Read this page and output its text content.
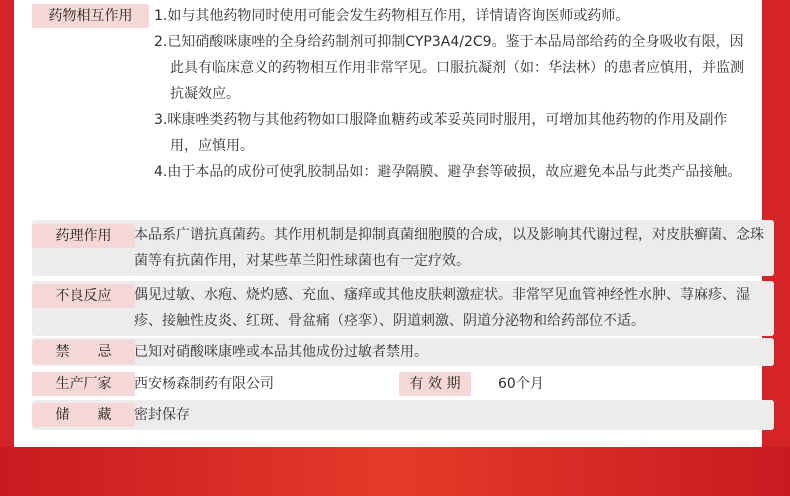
药物相互作用	1.如与其他药物同时使用可能会发生药物相互作用，详情请咨询医师或药师。
2.已知硝酸咪康唑的全身给药制剂可抑制CYP3A4/2C9。鉴于本品局部给药的全身吸收有限，因此具有临床意义的药物相互作用非常罕见。口服抗凝剂（如：华法林）的患者应慎用，并监测抗凝效应。
3.咪康唑类药物与其他药物如口服降血糖药或苯妥英同时服用，可增加其他药物的作用及副作用，应慎用。
4.由于本品的成份可使乳胶制品如：避孕隔膜、避孕套等破损，故应避免本品与此类产品接触。
药理作用	本品系广谱抗真菌药。其作用机制是抑制真菌细胞膜的合成，以及影响其代谢过程，对皮肤癣菌、念珠菌等有抗菌作用，对某些革兰阳性球菌也有一定疗效。
不良反应	偶见过敏、水疱、烧灼感、充血、瘙痒或其他皮肤刺激症状。非常罕见血管神经性水肿、荨麻疹、湿疹、接触性皮炎、红斑、骨盆痛（痉挛）、阴道刺激、阴道分泌物和给药部位不适。
禁　　忌	已知对硝酸咪康唑或本品其他成份过敏者禁用。
生产厂家	西安杨森制药有限公司	有 效 期	60个月
储　　藏	密封保存
